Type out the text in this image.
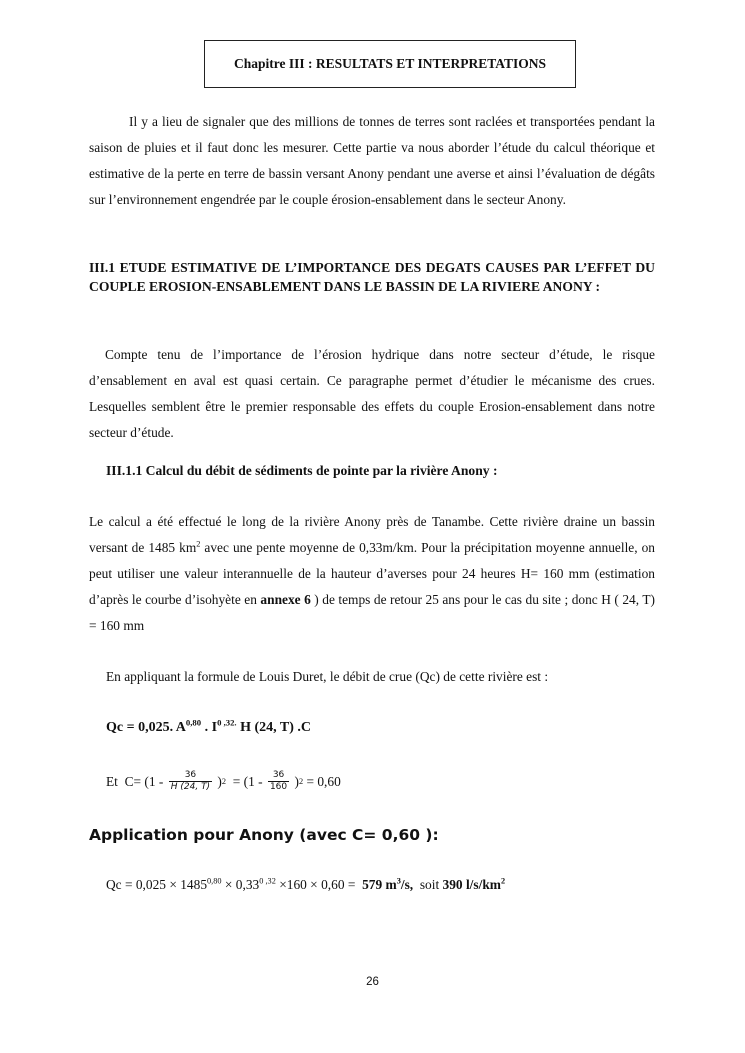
Chapitre III : RESULTATS ET INTERPRETATIONS

Il y a lieu de signaler que des millions de tonnes de terres sont raclées et transportées pendant la saison de pluies et il faut donc les mesurer. Cette partie va nous aborder l’étude du calcul théorique et estimative de la perte en terre de bassin versant Anony pendant une averse et ainsi l’évaluation de dégâts sur l’environnement engendrée par le couple érosion-ensablement dans le secteur Anony.

III.1 ETUDE ESTIMATIVE DE L’IMPORTANCE DES DEGATS CAUSES PAR L’EFFET DU COUPLE EROSION-ENSABLEMENT DANS LE BASSIN DE LA RIVIERE ANONY :

Compte tenu de l’importance de l’érosion hydrique dans notre secteur d’étude, le risque d’ensablement en aval est quasi certain. Ce paragraphe permet d’étudier le mécanisme des crues. Lesquelles semblent être le premier responsable des effets du couple Erosion-ensablement dans notre secteur d’étude.

III.1.1 Calcul du débit de sédiments de pointe par la rivière Anony :

Le calcul a été effectué le long de la rivière Anony près de Tanambe. Cette rivière draine un bassin versant de 1485 $km^2$ avec une pente moyenne de 0,33m/km. Pour la précipitation moyenne annuelle, on peut utiliser une valeur interannuelle de la hauteur d’averses pour 24 heures H= 160 mm (estimation d’après le courbe d’isohyète en annexe 6 ) de temps de retour 25 ans pour le cas du site ; donc H ( 24, T) = 160 mm

En appliquant la formule de Louis Duret, le débit de crue (Qc) de cette rivière est :

Qc = 0,025. A$^{0,80}$ . $I^{0 ,32.}$ H (24, T) .C
Et  $C= (1 - \frac{36}{H (24, T)}$ ) $2 = (1 - \frac{36}{160}$ ) 2 = 0,60

Application pour Anony (avec C= 0,60 ):

$Qc = 0,025 \times 1485^{0,80} \times 0,33^{0 ,32} \times 160 \times 0,60 = 579$ $m^3/s$,  soit 390 $l/s/km^2$

26
